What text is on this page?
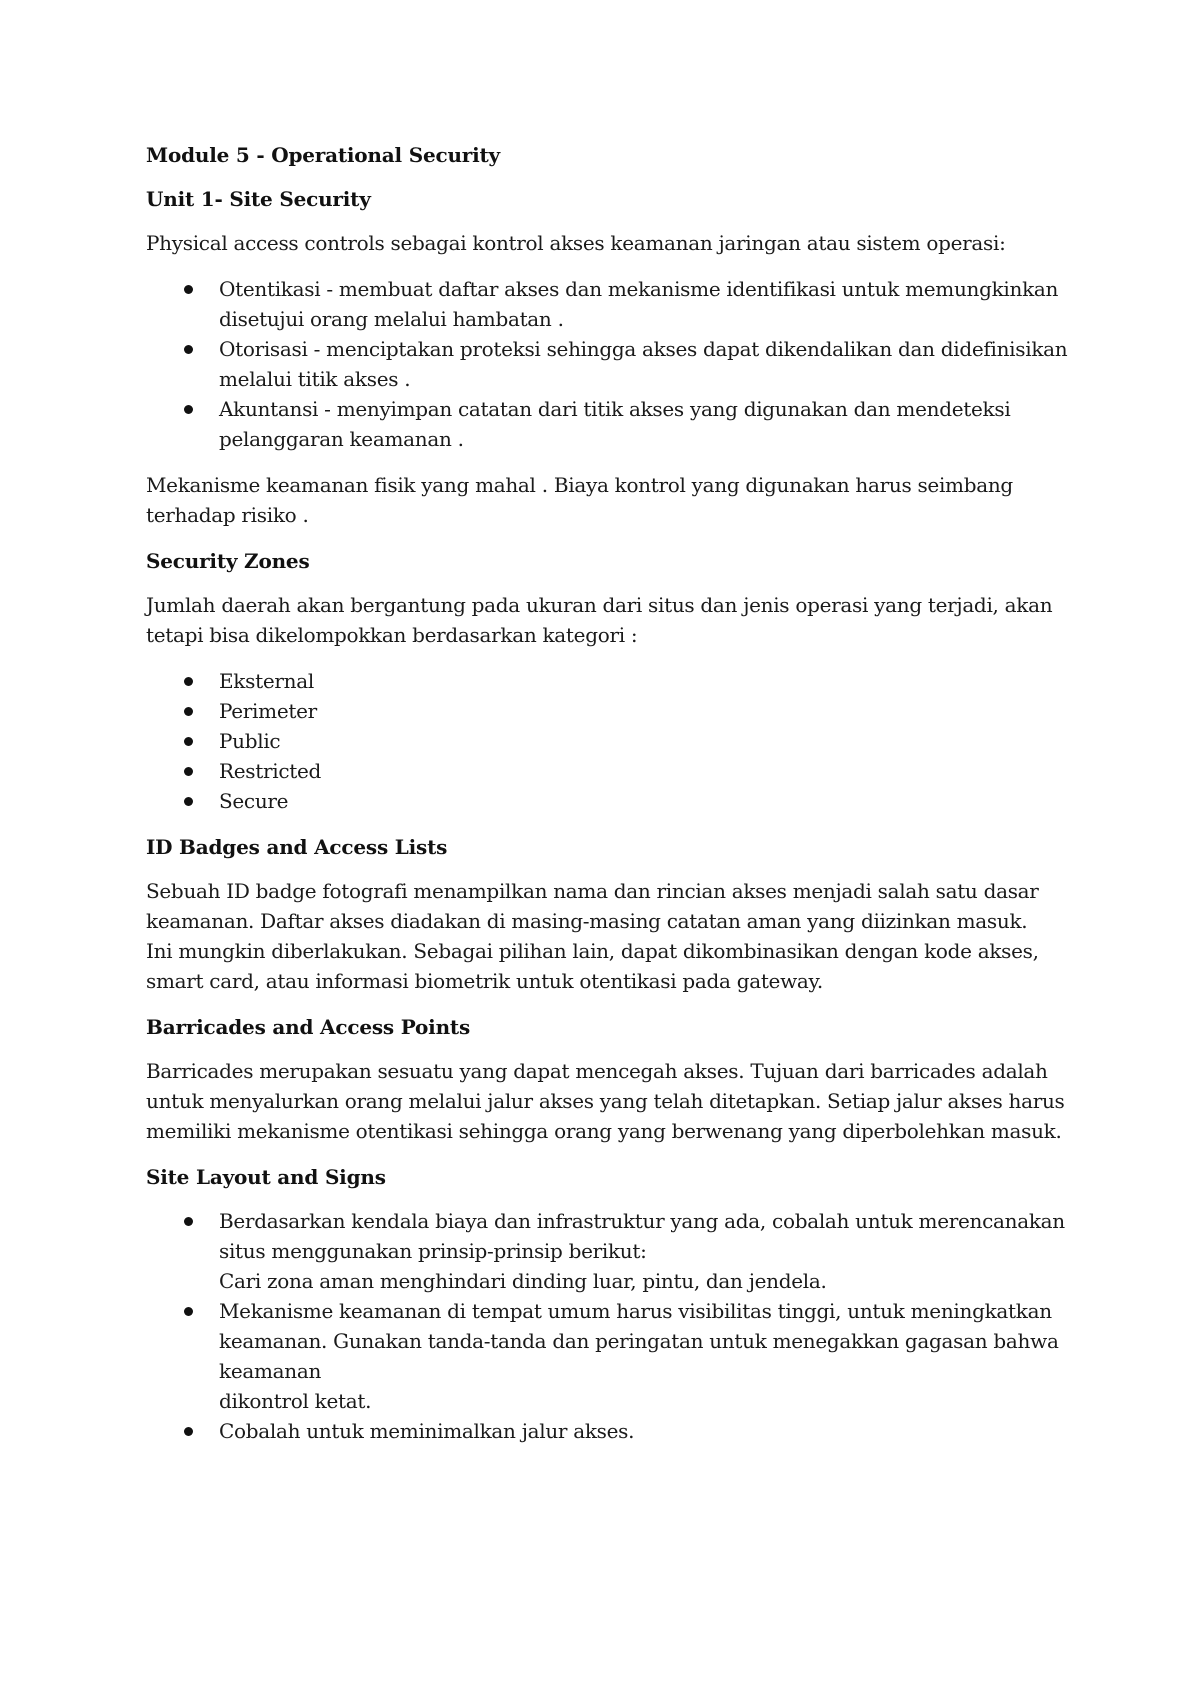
Module 5 - Operational Security
Unit 1- Site Security

Physical access controls sebagai kontrol akses keamanan jaringan atau sistem operasi:

Otentikasi - membuat daftar akses dan mekanisme identifikasi untuk memungkinkan disetujui orang melalui hambatan .
Otorisasi - menciptakan proteksi sehingga akses dapat dikendalikan dan didefinisikan melalui titik akses .
Akuntansi - menyimpan catatan dari titik akses yang digunakan dan mendeteksi pelanggaran keamanan .

Mekanisme keamanan fisik yang mahal . Biaya kontrol yang digunakan harus seimbang terhadap risiko .

Security Zones

Jumlah daerah akan bergantung pada ukuran dari situs dan jenis operasi yang terjadi, akan tetapi bisa dikelompokkan berdasarkan kategori :

Eksternal
Perimeter
Public
Restricted
Secure
ID Badges and Access Lists

Sebuah ID badge fotografi menampilkan nama dan rincian akses menjadi salah satu dasar keamanan. Daftar akses diadakan di masing-masing catatan aman yang diizinkan masuk.

Ini mungkin diberlakukan. Sebagai pilihan lain, dapat dikombinasikan dengan kode akses, smart card, atau informasi biometrik untuk otentikasi pada gateway.

Barricades and Access Points

Barricades merupakan sesuatu yang dapat mencegah akses. Tujuan dari barricades adalah untuk menyalurkan orang melalui jalur akses yang telah ditetapkan. Setiap jalur akses harus memiliki mekanisme otentikasi sehingga orang yang berwenang yang diperbolehkan masuk.

Site Layout and Signs
Berdasarkan kendala biaya dan infrastruktur yang ada, cobalah untuk merencanakan situs menggunakan prinsip-prinsip berikut:
Cari zona aman menghindari dinding luar, pintu, dan jendela.
Mekanisme keamanan di tempat umum harus visibilitas tinggi, untuk meningkatkan keamanan. Gunakan tanda-tanda dan peringatan untuk menegakkan gagasan bahwa keamanan
dikontrol ketat.
Cobalah untuk meminimalkan jalur akses.
